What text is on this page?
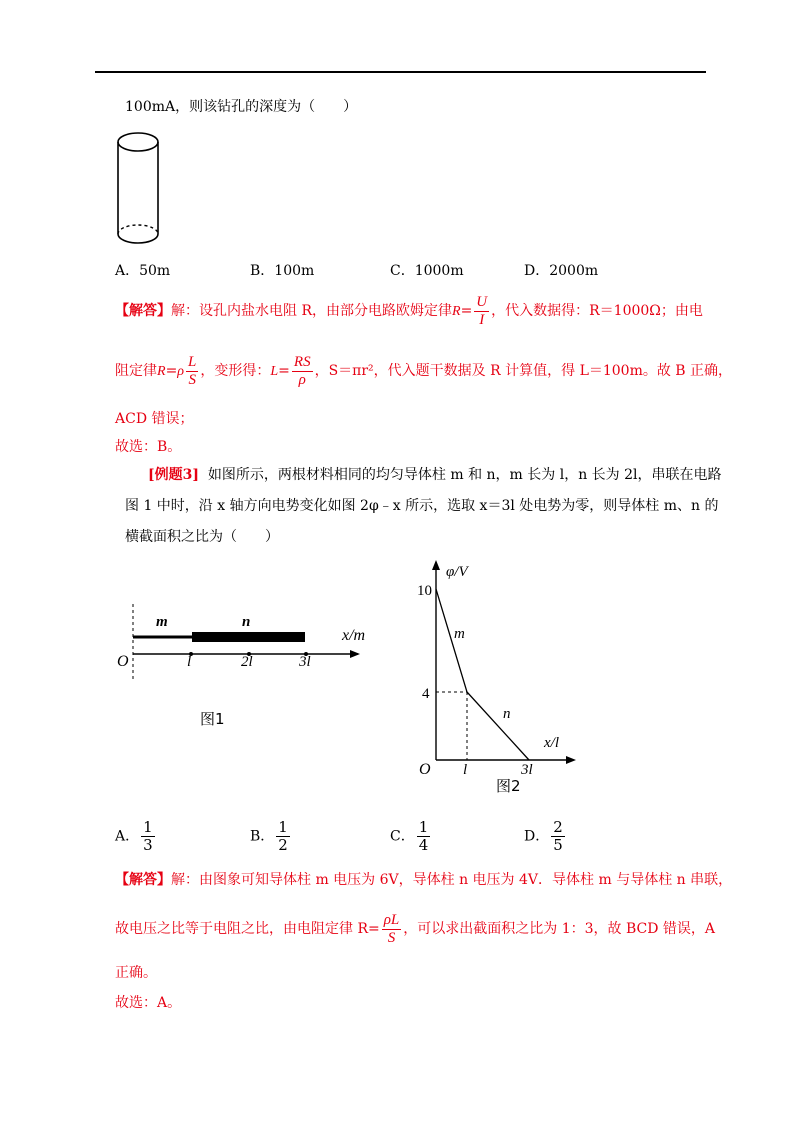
100mA，则该钻孔的深度为（　　）
A．50m	B．100m	C．1000m	D．2000m
【解答】解：设孔内盐水电阻 R，由部分电路欧姆定律$R= \frac{U}{I}$ ，代入数据得：R＝1000Ω；由电
阻定律$R=\rho \frac{L}{S}$ ，变形得：$L= \frac{RS}{\rho}$ ，S＝πr²，代入题干数据及 R 计算值，得 L＝100m。故 B 正确，
ACD 错误；
故选：B。
[例题3] 如图所示，两根材料相同的均匀导体柱 m 和 n，m 长为 l，n 长为 2l，串联在电路
图 1 中时，沿 x 轴方向电势变化如图 2φ﹣x 所示，选取 x＝3l 处电势为零，则导体柱 m、n 的
横截面积之比为（　　）
m	n
x/m
O	l	2l	3l
图1
φ/V
x/l
10
4
O l	3l
m
n
图2
A． $\frac{1}{3}$	B． $\frac{1}{2}$	C． $\frac{1}{4}$	D． $\frac{2}{5}$
【解答】解：由图象可知导体柱 m 电压为 6V，导体柱 n 电压为 4V．导体柱 m 与导体柱 n 串联，
故电压之比等于电阻之比，由电阻定律 $R= \frac{\rho L}{S}$ ，可以求出截面积之比为 1：3，故 BCD 错误，A
正确。
故选：A。
